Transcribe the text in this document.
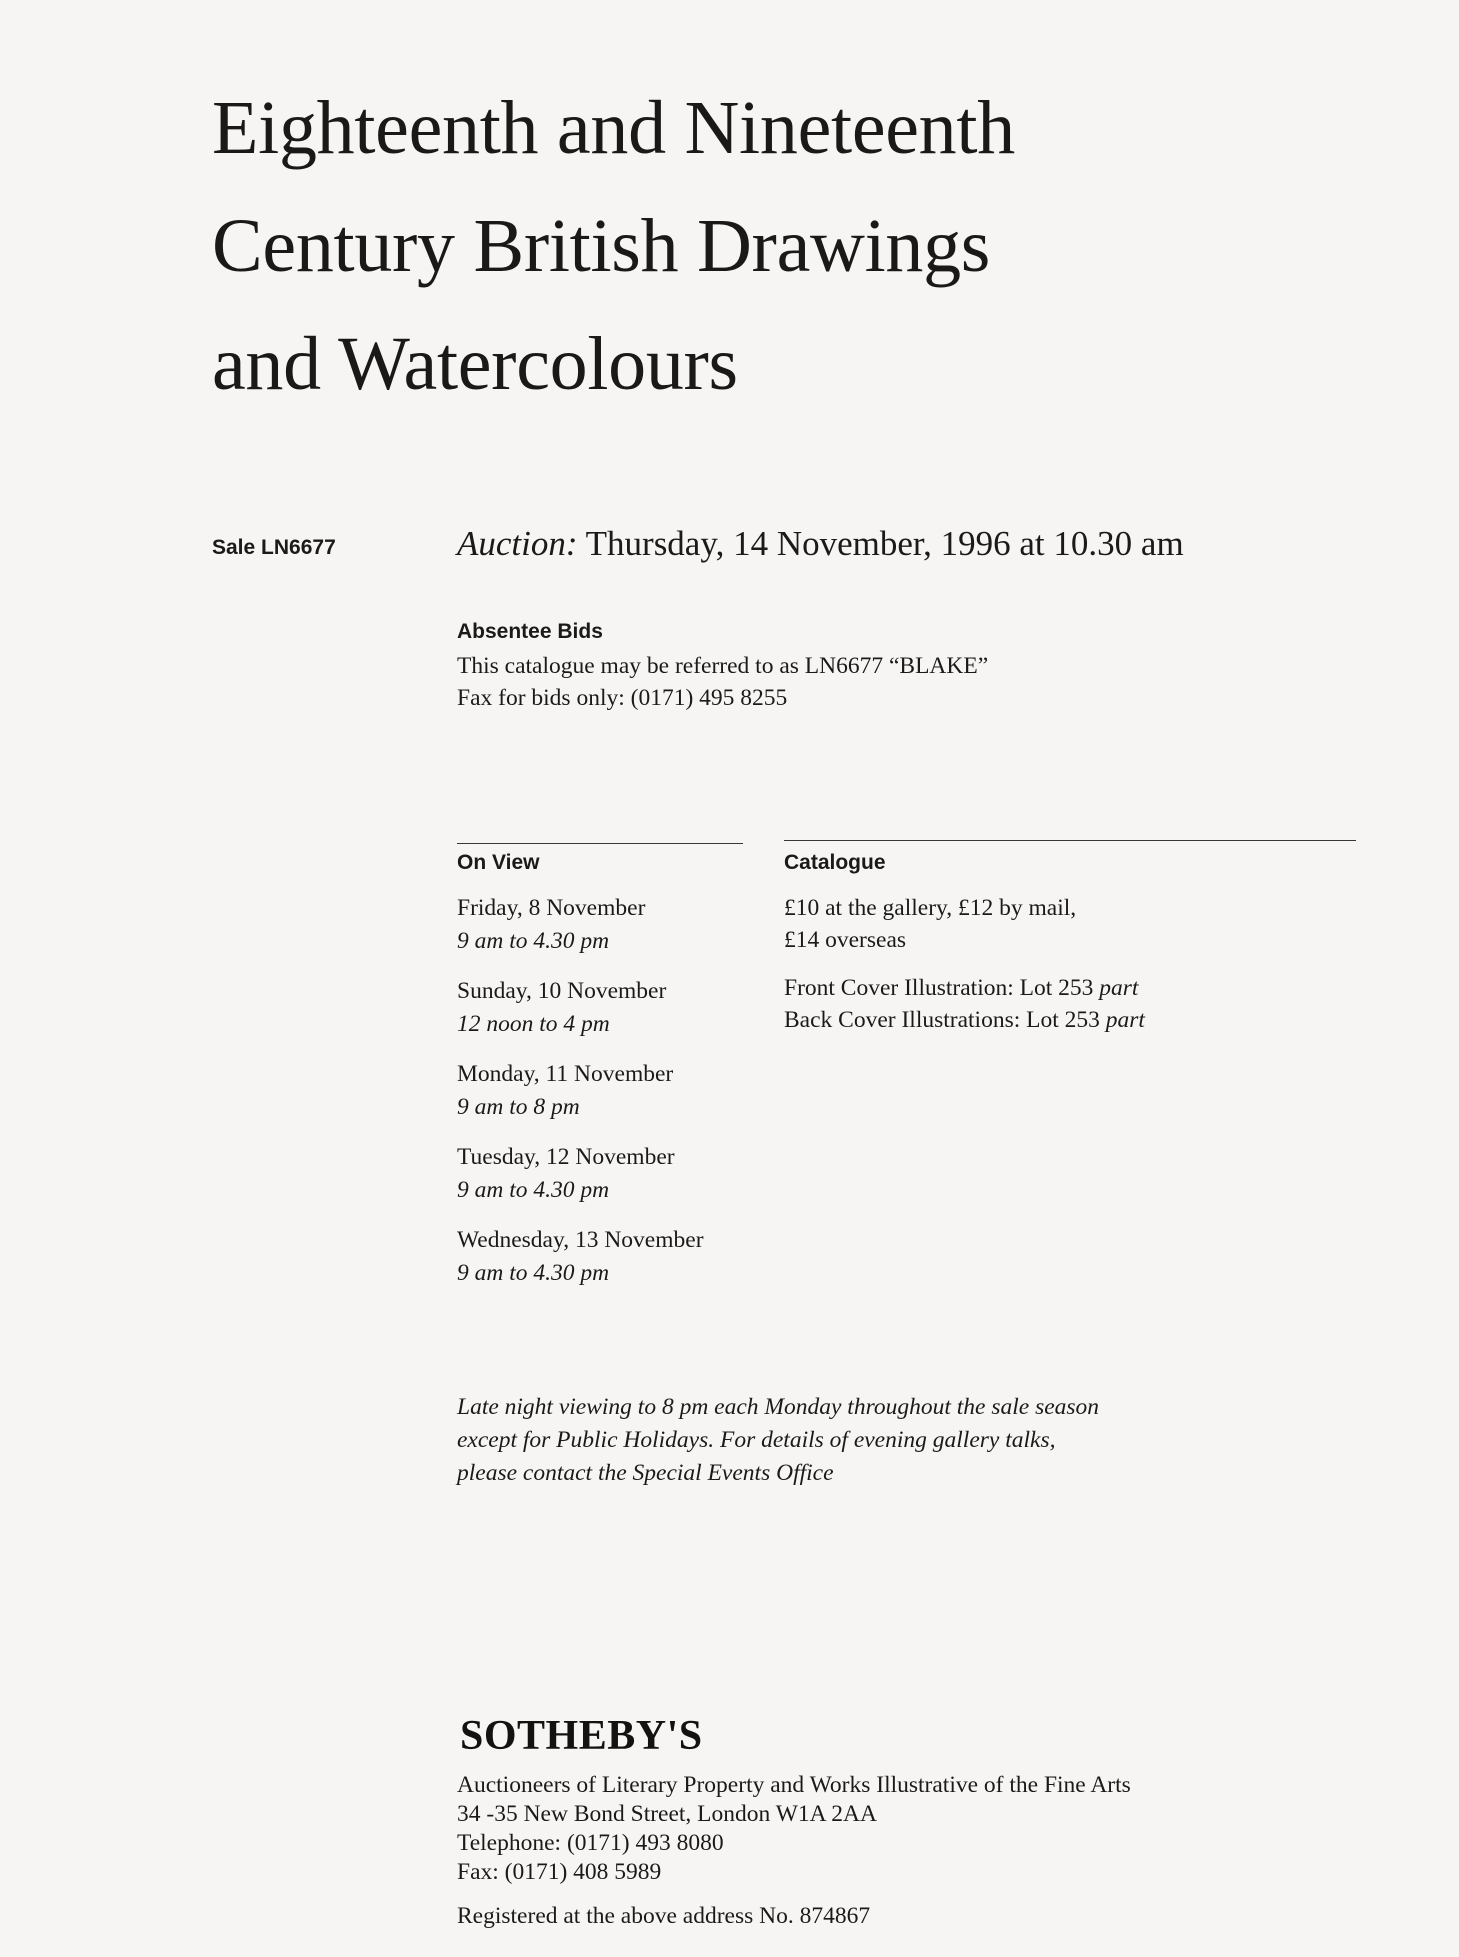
Eighteenth and Nineteenth
Century British Drawings
and Watercolours
Sale LN6677	Auction: Thursday, 14 November, 1996 at 10.30 am
Absentee Bids
This catalogue may be referred to as LN6677 “BLAKE”
Fax for bids only: (0171) 495 8255
On View
Friday, 8 November
9 am to 4.30 pm
Sunday, 10 November
12 noon to 4 pm
Monday, 11 November
9 am to 8 pm
Tuesday, 12 November
9 am to 4.30 pm
Wednesday, 13 November
9 am to 4.30 pm
Catalogue
£10 at the gallery, £12 by mail,
£14 overseas
Front Cover Illustration: Lot 253 part
Back Cover Illustrations: Lot 253 part
Late night viewing to 8 pm each Monday throughout the sale season
except for Public Holidays. For details of evening gallery talks,
please contact the Special Events Office
SOTHEBY'S
Auctioneers of Literary Property and Works Illustrative of the Fine Arts
34 -35 New Bond Street, London W1A 2AA
Telephone: (0171) 493 8080
Fax: (0171) 408 5989
Registered at the above address No. 874867
